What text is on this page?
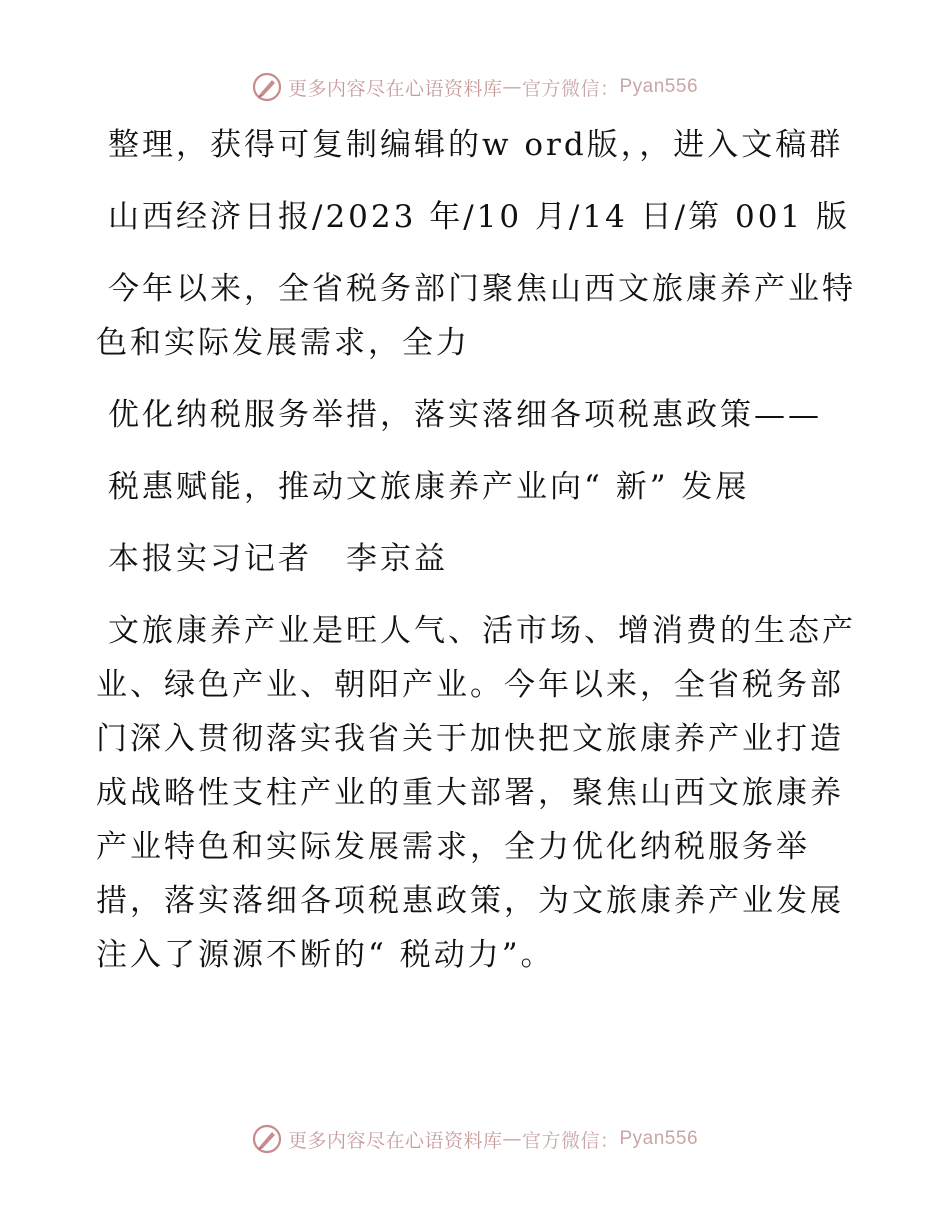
更多内容尽在心语资料库 — 官方微信： Pyan556

整理，获得可复制编辑的w ord版，，进入文稿群

山西经济日报/2023 年/10 月/14 日/第 001 版

今年以来，全省税务部门聚焦山西文旅康养产业特色和实际发展需求，全力

优化纳税服务举措，落实落细各项税惠政策——

税惠赋能，推动文旅康养产业向“ 新” 发展

本报实习记者　李京益

文旅康养产业是旺人气、活市场、增消费的生态产业、绿色产业、朝阳产业。今年以来，全省税务部门深入贯彻落实我省关于加快把文旅康养产业打造成战略性支柱产业的重大部署，聚焦山西文旅康养产业特色和实际发展需求，全力优化纳税服务举措，落实落细各项税惠政策，为文旅康养产业发展注入了源源不断的“ 税动力”。

更多内容尽在心语资料库 — 官方微信： Pyan556
